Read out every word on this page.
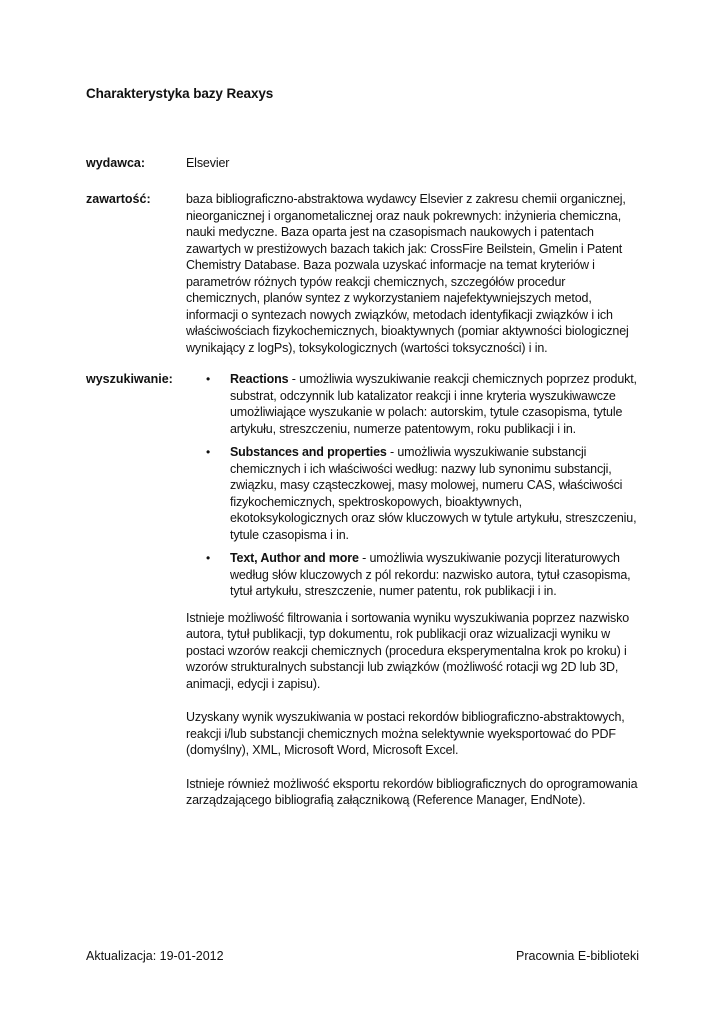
Charakterystyka bazy Reaxys
wydawca:	Elsevier
zawartość:	baza bibliograficzno-abstraktowa wydawcy Elsevier z zakresu chemii organicznej, nieorganicznej i organometalicznej oraz nauk pokrewnych: inżynieria chemiczna, nauki medyczne. Baza oparta jest na czasopismach naukowych i patentach zawartych w prestiżowych bazach takich jak: CrossFire Beilstein, Gmelin i Patent Chemistry Database. Baza pozwala uzyskać informacje na temat kryteriów i parametrów różnych typów reakcji chemicznych, szczegółów procedur chemicznych, planów syntez z wykorzystaniem najefektywniejszych metod, informacji o syntezach nowych związków, metodach identyfikacji związków i ich właściwościach fizykochemicznych, bioaktywnych (pomiar aktywności biologicznej wynikający z logPs), toksykologicznych (wartości toksyczności) i in.
wyszukiwanie:	• Reactions - umożliwia wyszukiwanie reakcji chemicznych poprzez produkt, substrat, odczynnik lub katalizator reakcji i inne kryteria wyszukiwawcze umożliwiające wyszukanie w polach: autorskim, tytule czasopisma, tytule artykułu, streszczeniu, numerze patentowym, roku publikacji i in.
• Substances and properties - umożliwia wyszukiwanie substancji chemicznych i ich właściwości według: nazwy lub synonimu substancji, związku, masy cząsteczkowej, masy molowej, numeru CAS, właściwości fizykochemicznych, spektroskopowych, bioaktywnych, ekotoksykologicznych oraz słów kluczowych w tytule artykułu, streszczeniu, tytule czasopisma i in.
• Text, Author and more - umożliwia wyszukiwanie pozycji literaturowych według słów kluczowych z pól rekordu: nazwisko autora, tytuł czasopisma, tytuł artykułu, streszczenie, numer patentu, rok publikacji i in.

Istnieje możliwość filtrowania i sortowania wyniku wyszukiwania poprzez nazwisko autora, tytuł publikacji, typ dokumentu, rok publikacji oraz wizualizacji wyniku w postaci wzorów reakcji chemicznych (procedura eksperymentalna krok po kroku) i wzorów strukturalnych substancji lub związków (możliwość rotacji wg 2D lub 3D, animacji, edycji i zapisu).

Uzyskany wynik wyszukiwania w postaci rekordów bibliograficzno-abstraktowych, reakcji i/lub substancji chemicznych można selektywnie wyeksportować do PDF (domyślny), XML, Microsoft Word, Microsoft Excel.

Istnieje również możliwość eksportu rekordów bibliograficznych do oprogramowania zarządzającego bibliografią załącznikową (Reference Manager, EndNote).

Aktualizacja: 19-01-2012	Pracownia E-biblioteki
